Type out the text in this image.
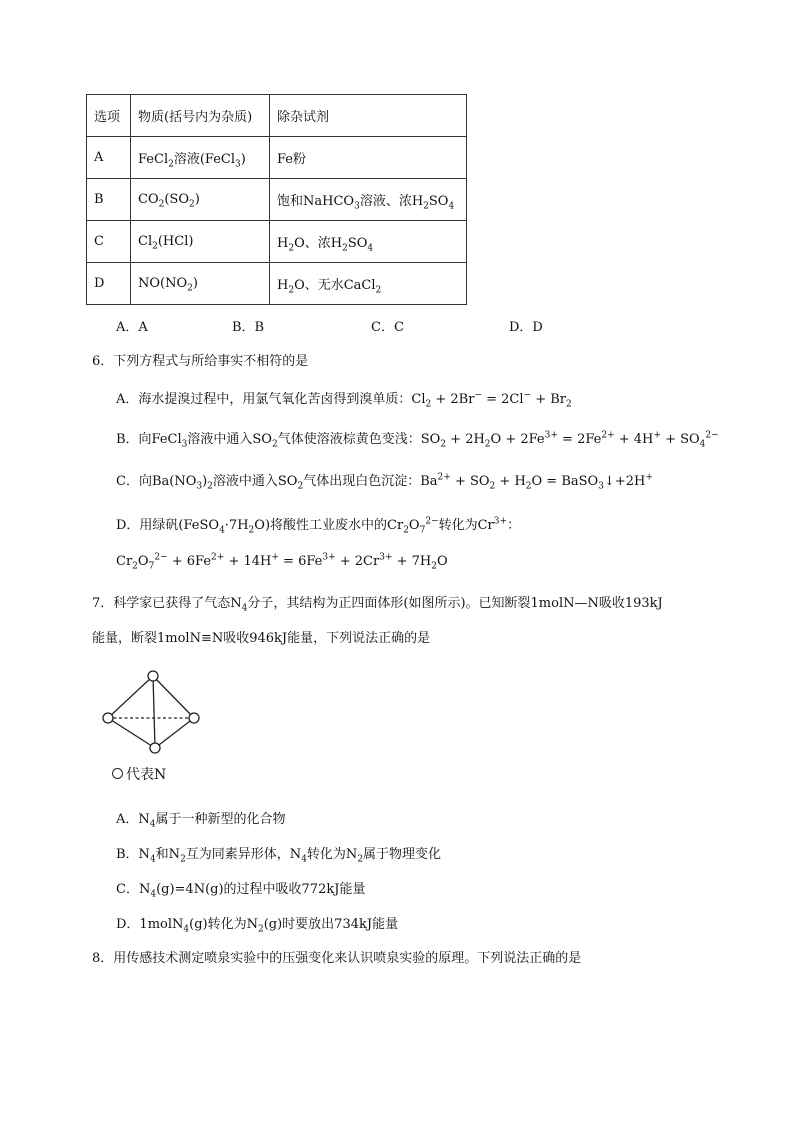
选项	物质(括号内为杂质)	除杂试剂
A	FeCl$_2$溶液(FeCl$_3$)	Fe粉
B	$CO_2(SO_2)$	饱和NaHCO$_3$溶液、浓$H_2SO_4$
C	$Cl_2(HCl)$	$H_2O$、浓$H_2SO_4$
D	$NO(NO_2)$	$H_2O$、无水CaCl$_2$
A．A	B．B	C．C	D．D
6．下列方程式与所给事实不相符的是
A．海水提溴过程中，用氯气氧化苦卤得到溴单质：$Cl_2 + 2Br^- = 2Cl^- + Br_2$
B．向FeCl$_3$溶液中通入$SO_2$气体使溶液棕黄色变浅：$SO_2 + 2H_2O + 2Fe^{3+} = 2Fe^{2+} + 4H^+ + SO_4^{2-}$
C．向$Ba(NO_3)_2$溶液中通入$SO_2$气体出现白色沉淀：$Ba^{2+} + SO_2 + H_2O$ = BaSO$_3$↓+2H+
D．用绿矾$(FeSO_4\cdot 7H_2O)$将酸性工业废水中的$Cr_2O_7^{2-}$转化为$Cr^{3+}$：
$Cr_2O_7^{2-} + 6Fe^{2+} + 14H^+ = 6Fe^{3+} + 2Cr^{3+} + 7H_2O$
7．科学家已获得了气态$N_4$分子，其结构为正四面体形(如图所示)。已知断裂1molN—N吸收193kJ
能量，断裂1molN≡N吸收946kJ能量，下列说法正确的是
代表N
A．$N_4$属于一种新型的化合物
B．$N_4$和$N_2$互为同素异形体，$N_4$转化为$N_2$属于物理变化
C．$N_4(g)=4N(g)$的过程中吸收772kJ能量
D．1molN$_4$(g)转化为$N_2(g)$时要放出734kJ能量
8．用传感技术测定喷泉实验中的压强变化来认识喷泉实验的原理。下列说法正确的是
